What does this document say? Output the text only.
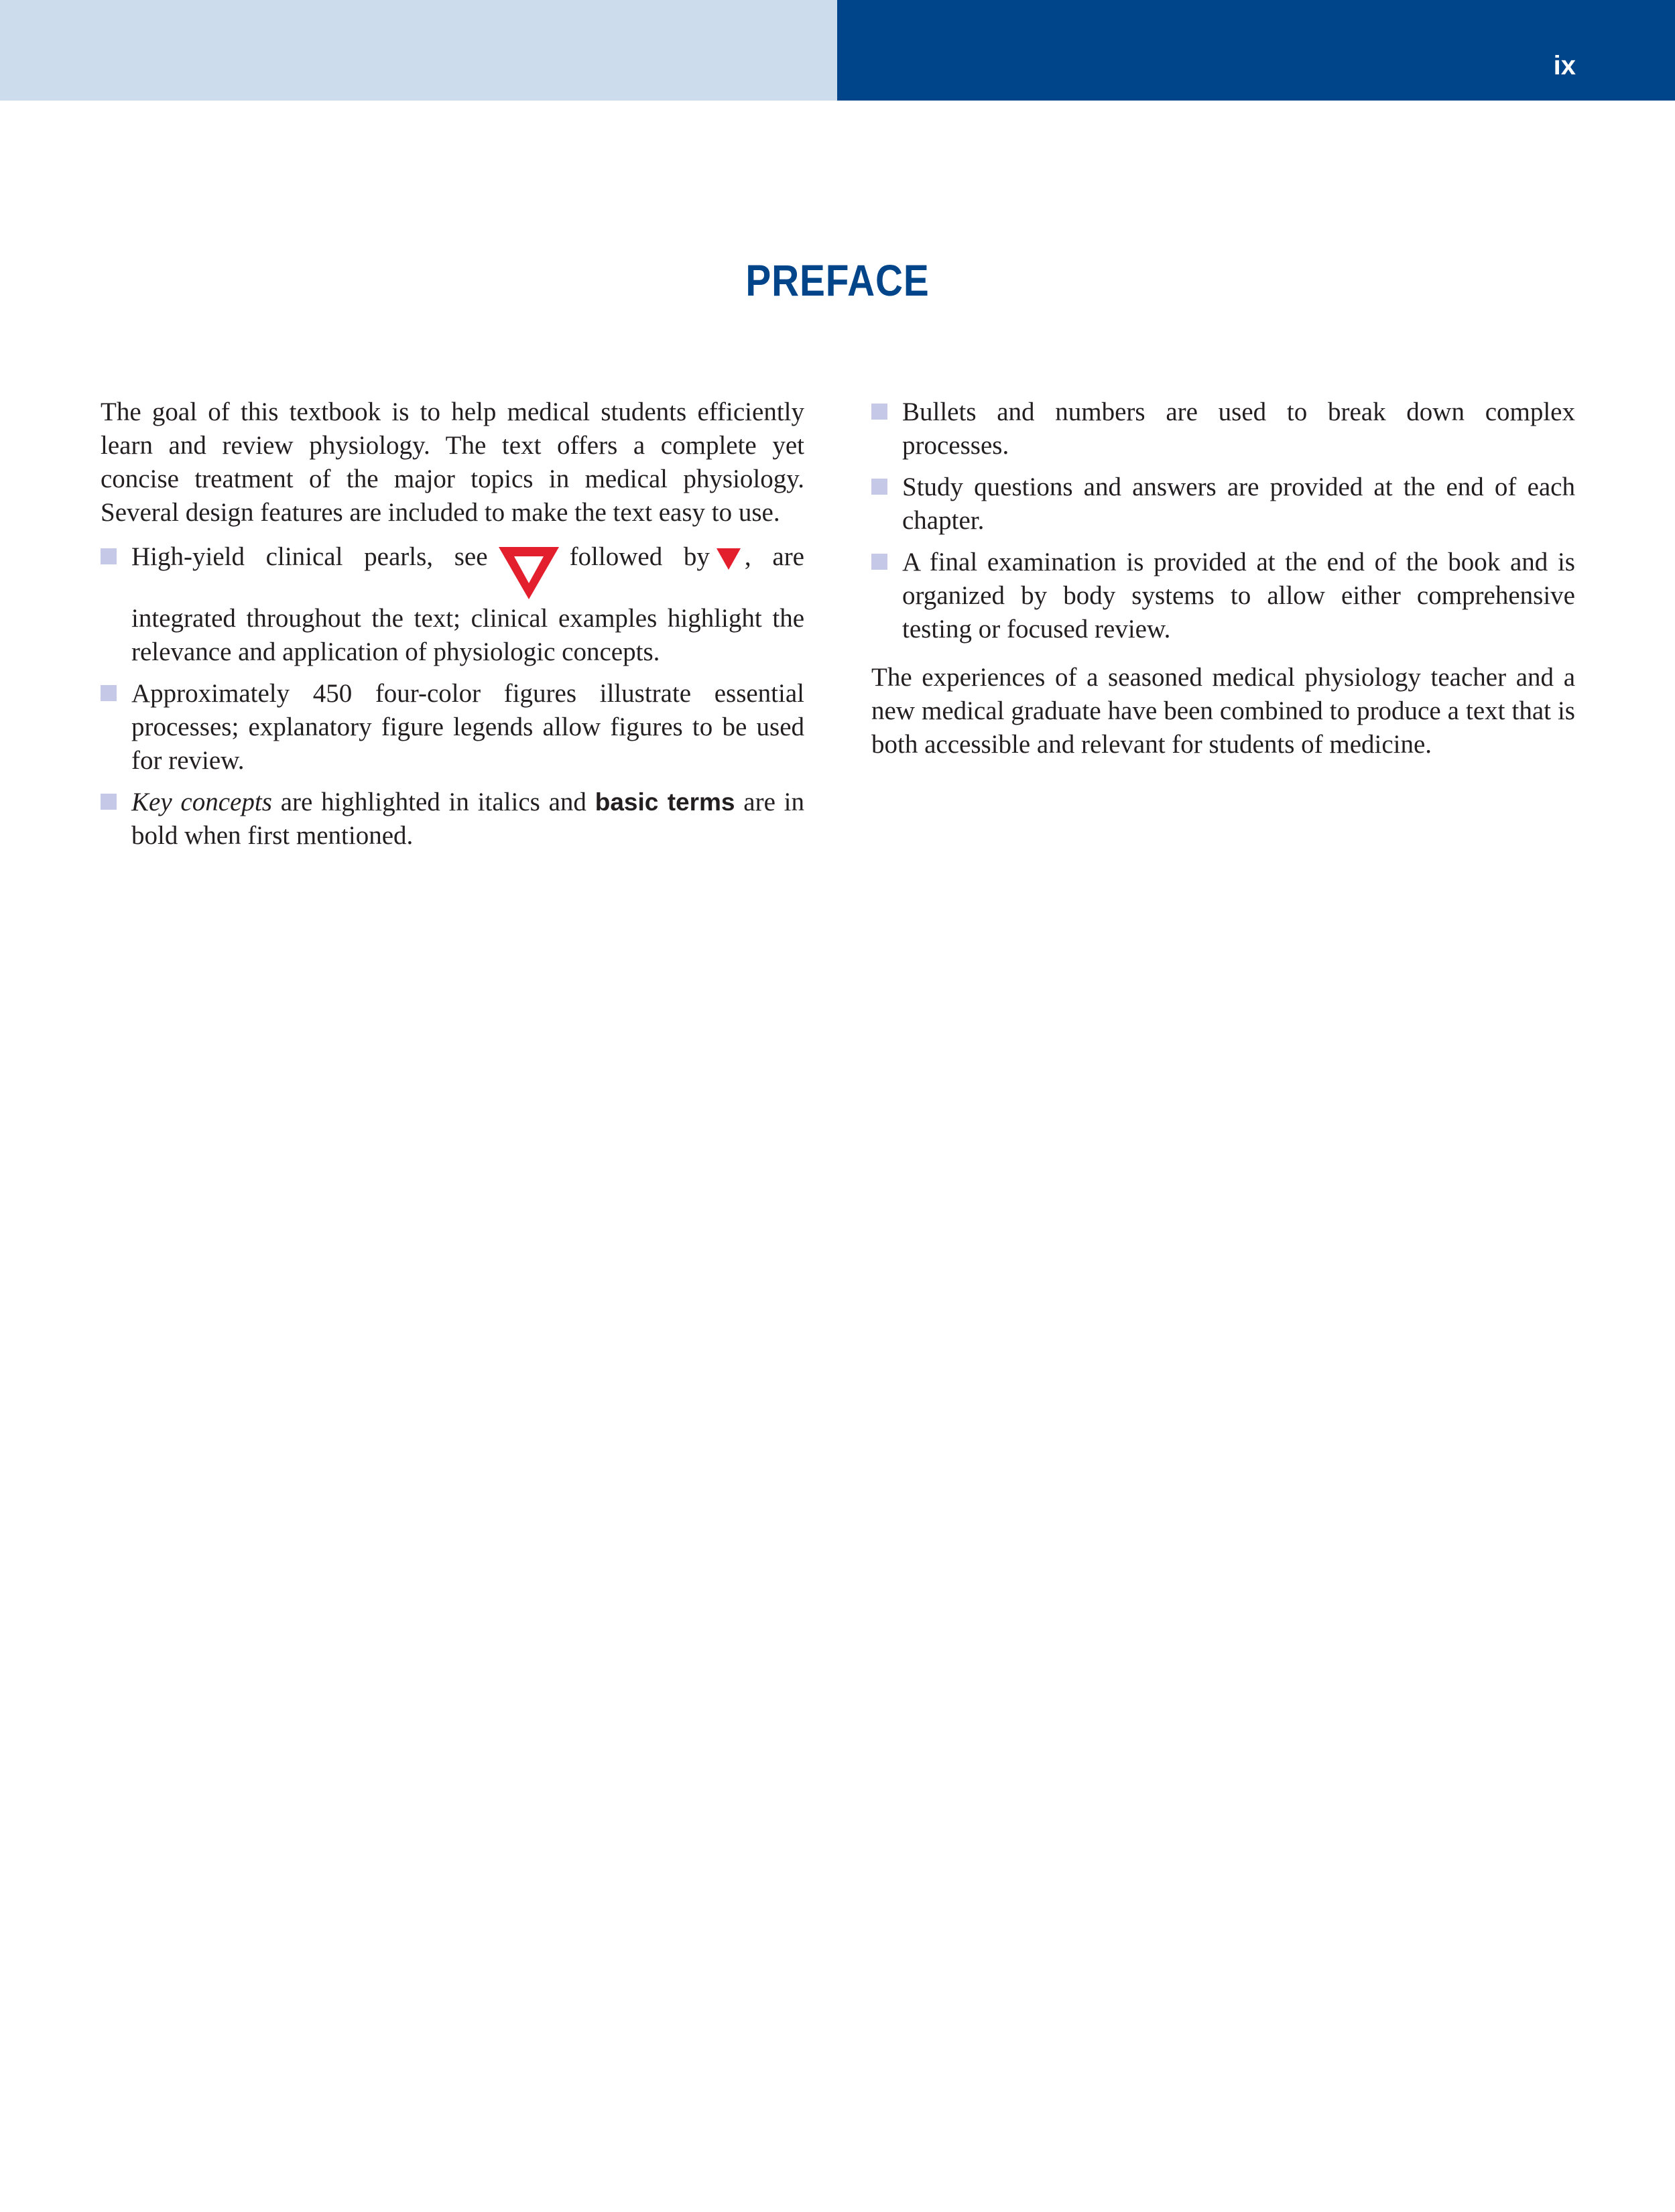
ix
PREFACE

The goal of this textbook is to help medical students efficiently learn and review physiology. The text offers a complete yet concise treatment of the major topics in medical physiology. Several design features are included to make the text easy to use.

High-yield clinical pearls, see	followed by , are integrated throughout the text; clinical examples highlight the relevance and application of physiologic concepts.
Approximately 450 four-color figures illustrate essential processes; explanatory figure legends allow figures to be used for review.
Key concepts are highlighted in italics and basic terms are in bold when first mentioned.
Bullets and numbers are used to break down complex processes.
Study questions and answers are provided at the end of each chapter.
A final examination is provided at the end of the book and is organized by body systems to allow either comprehensive testing or focused review.

The experiences of a seasoned medical physiology teacher and a new medical graduate have been combined to produce a text that is both accessible and relevant for students of medicine.
